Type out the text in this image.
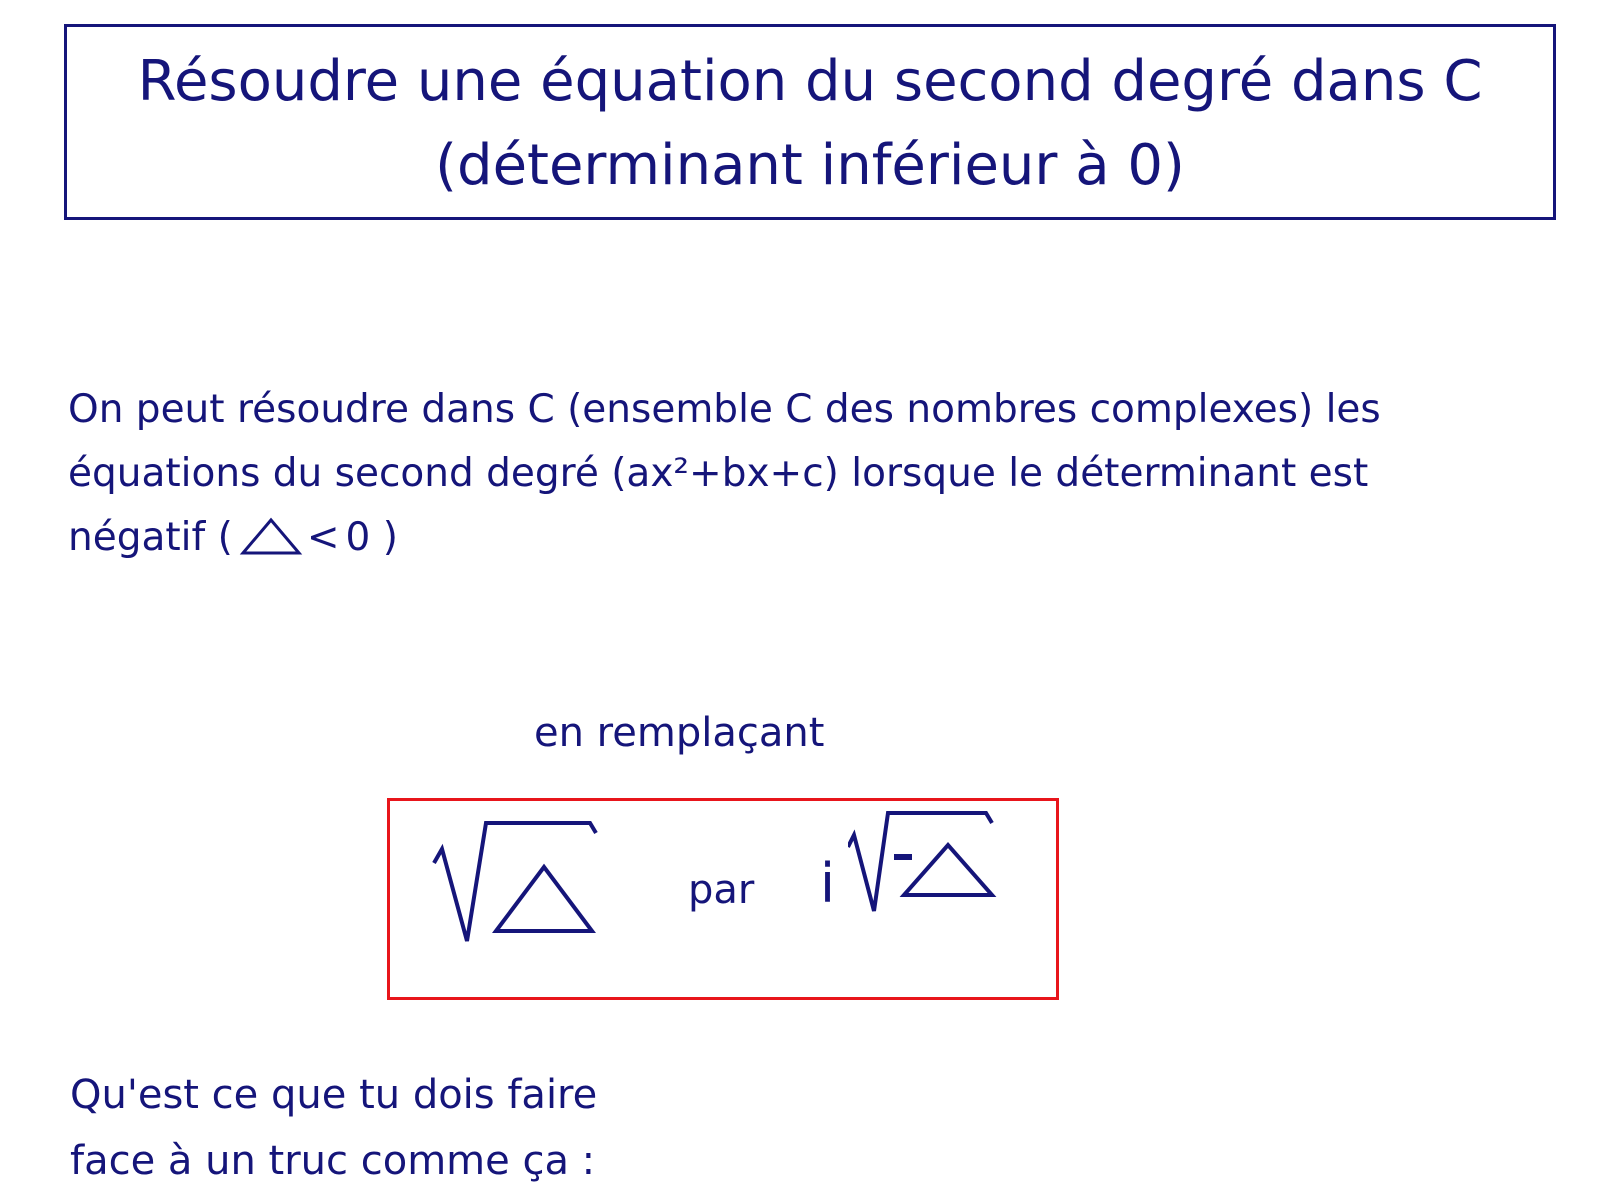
Résoudre une équation du second degré dans C
(déterminant inférieur à 0)
On peut résoudre dans C (ensemble C des nombres complexes) les
équations du second degré (ax²+bx+c) lorsque le déterminant est
négatif ( < 0 )
en remplaçant
par i
Qu'est ce que tu dois faire
face à un truc comme ça :
